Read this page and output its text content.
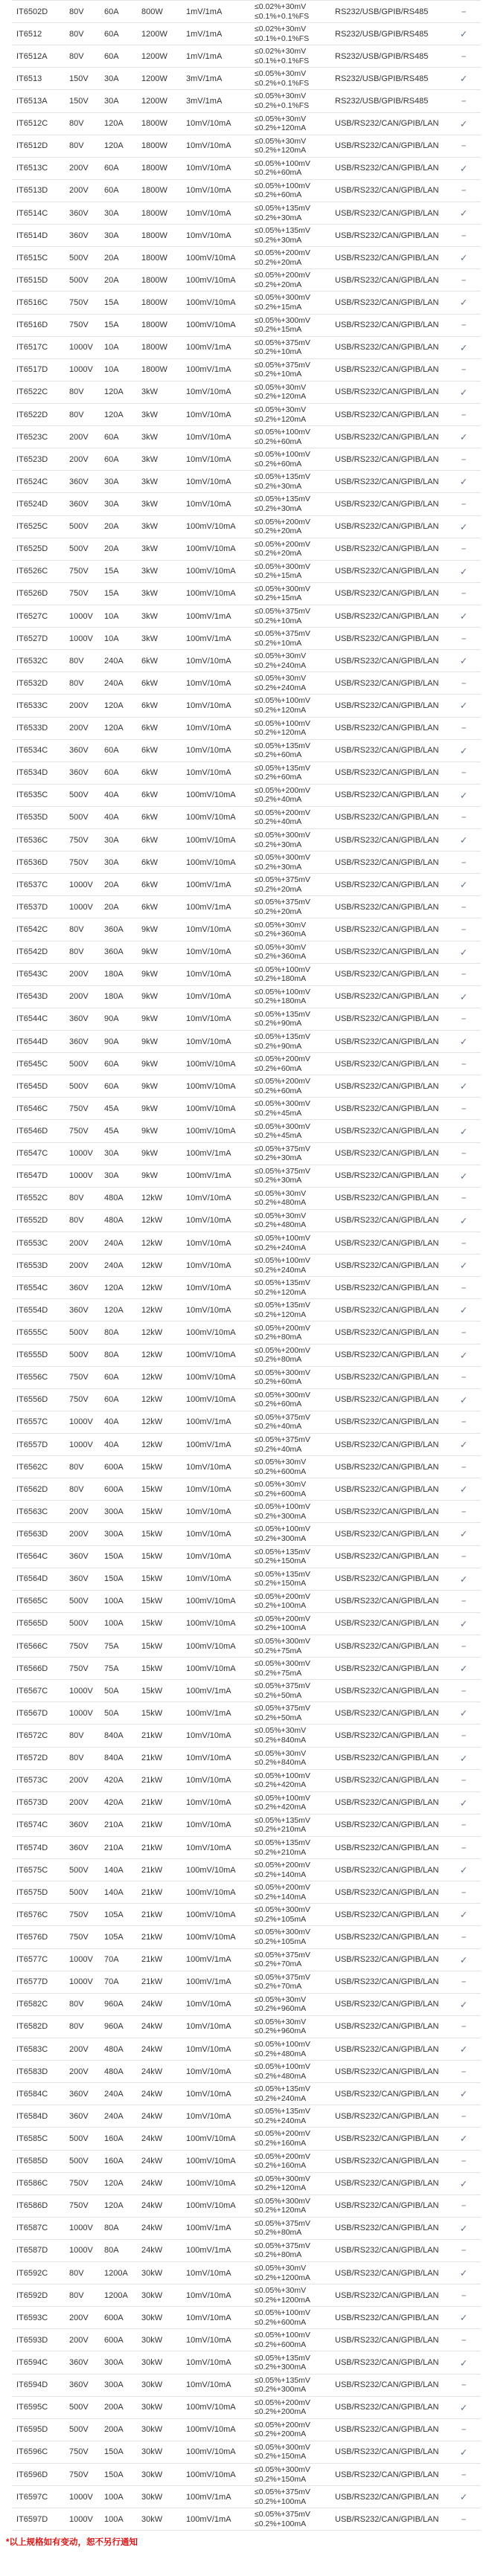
IT6502D	80V	60A	800W	1mV/1mA
≤0.02%+30mV
≤0.1%+0.1%FS	RS232/USB/GPIB/RS485	–
IT6512	80V	60A	1200W	1mV/1mA
≤0.02%+30mV
≤0.1%+0.1%FS	RS232/USB/GPIB/RS485	✓
IT6512A	80V	60A	1200W	1mV/1mA
≤0.02%+30mV
≤0.1%+0.1%FS	RS232/USB/GPIB/RS485	–
IT6513	150V	30A	1200W	3mV/1mA
≤0.05%+30mV
≤0.2%+0.1%FS	RS232/USB/GPIB/RS485	✓
IT6513A	150V	30A	1200W	3mV/1mA
≤0.05%+30mV
≤0.2%+0.1%FS	RS232/USB/GPIB/RS485	–
IT6512C	80V	120A	1800W	10mV/10mA
≤0.05%+30mV
≤0.2%+120mA	USB/RS232/CAN/GPIB/LAN	✓
IT6512D	80V	120A	1800W	10mV/10mA
≤0.05%+30mV
≤0.2%+120mA	USB/RS232/CAN/GPIB/LAN	–
IT6513C	200V	60A	1800W	10mV/10mA
≤0.05%+100mV
≤0.2%+60mA	USB/RS232/CAN/GPIB/LAN	✓
IT6513D	200V	60A	1800W	10mV/10mA
≤0.05%+100mV
≤0.2%+60mA	USB/RS232/CAN/GPIB/LAN	–
IT6514C	360V	30A	1800W	10mV/10mA
≤0.05%+135mV
≤0.2%+30mA	USB/RS232/CAN/GPIB/LAN	✓
IT6514D	360V	30A	1800W	10mV/10mA
≤0.05%+135mV
≤0.2%+30mA	USB/RS232/CAN/GPIB/LAN	–
IT6515C	500V	20A	1800W	100mV/10mA
≤0.05%+200mV
≤0.2%+20mA	USB/RS232/CAN/GPIB/LAN	✓
IT6515D	500V	20A	1800W	100mV/10mA
≤0.05%+200mV
≤0.2%+20mA	USB/RS232/CAN/GPIB/LAN	–
IT6516C	750V	15A	1800W	100mV/10mA
≤0.05%+300mV
≤0.2%+15mA	USB/RS232/CAN/GPIB/LAN	✓
IT6516D	750V	15A	1800W	100mV/10mA
≤0.05%+300mV
≤0.2%+15mA	USB/RS232/CAN/GPIB/LAN	–
IT6517C	1000V	10A	1800W	100mV/1mA
≤0.05%+375mV
≤0.2%+10mA	USB/RS232/CAN/GPIB/LAN	✓
IT6517D	1000V	10A	1800W	100mV/1mA
≤0.05%+375mV
≤0.2%+10mA	USB/RS232/CAN/GPIB/LAN	–
IT6522C	80V	120A	3kW	10mV/10mA
≤0.05%+30mV
≤0.2%+120mA	USB/RS232/CAN/GPIB/LAN	✓
IT6522D	80V	120A	3kW	10mV/10mA
≤0.05%+30mV
≤0.2%+120mA	USB/RS232/CAN/GPIB/LAN	–
IT6523C	200V	60A	3kW	10mV/10mA
≤0.05%+100mV
≤0.2%+60mA	USB/RS232/CAN/GPIB/LAN	✓
IT6523D	200V	60A	3kW	10mV/10mA
≤0.05%+100mV
≤0.2%+60mA	USB/RS232/CAN/GPIB/LAN	–
IT6524C	360V	30A	3kW	10mV/10mA
≤0.05%+135mV
≤0.2%+30mA	USB/RS232/CAN/GPIB/LAN	✓
IT6524D	360V	30A	3kW	10mV/10mA
≤0.05%+135mV
≤0.2%+30mA	USB/RS232/CAN/GPIB/LAN	–
IT6525C	500V	20A	3kW	100mV/10mA
≤0.05%+200mV
≤0.2%+20mA	USB/RS232/CAN/GPIB/LAN	✓
IT6525D	500V	20A	3kW	100mV/10mA
≤0.05%+200mV
≤0.2%+20mA	USB/RS232/CAN/GPIB/LAN	–
IT6526C	750V	15A	3kW	100mV/10mA
≤0.05%+300mV
≤0.2%+15mA	USB/RS232/CAN/GPIB/LAN	✓
IT6526D	750V	15A	3kW	100mV/10mA
≤0.05%+300mV
≤0.2%+15mA	USB/RS232/CAN/GPIB/LAN	–
IT6527C	1000V	10A	3kW	100mV/1mA
≤0.05%+375mV
≤0.2%+10mA	USB/RS232/CAN/GPIB/LAN	✓
IT6527D	1000V	10A	3kW	100mV/1mA
≤0.05%+375mV
≤0.2%+10mA	USB/RS232/CAN/GPIB/LAN	–
IT6532C	80V	240A	6kW	10mV/10mA
≤0.05%+30mV
≤0.2%+240mA	USB/RS232/CAN/GPIB/LAN	✓
IT6532D	80V	240A	6kW	10mV/10mA
≤0.05%+30mV
≤0.2%+240mA	USB/RS232/CAN/GPIB/LAN	–
IT6533C	200V	120A	6kW	10mV/10mA
≤0.05%+100mV
≤0.2%+120mA	USB/RS232/CAN/GPIB/LAN	✓
IT6533D	200V	120A	6kW	10mV/10mA
≤0.05%+100mV
≤0.2%+120mA	USB/RS232/CAN/GPIB/LAN	–
IT6534C	360V	60A	6kW	10mV/10mA
≤0.05%+135mV
≤0.2%+60mA	USB/RS232/CAN/GPIB/LAN	✓
IT6534D	360V	60A	6kW	10mV/10mA
≤0.05%+135mV
≤0.2%+60mA	USB/RS232/CAN/GPIB/LAN	–
IT6535C	500V	40A	6kW	100mV/10mA
≤0.05%+200mV
≤0.2%+40mA	USB/RS232/CAN/GPIB/LAN	✓
IT6535D	500V	40A	6kW	100mV/10mA
≤0.05%+200mV
≤0.2%+40mA	USB/RS232/CAN/GPIB/LAN	–
IT6536C	750V	30A	6kW	100mV/10mA
≤0.05%+300mV
≤0.2%+30mA	USB/RS232/CAN/GPIB/LAN	✓
IT6536D	750V	30A	6kW	100mV/10mA
≤0.05%+300mV
≤0.2%+30mA	USB/RS232/CAN/GPIB/LAN	–
IT6537C	1000V	20A	6kW	100mV/1mA
≤0.05%+375mV
≤0.2%+20mA	USB/RS232/CAN/GPIB/LAN	✓
IT6537D	1000V	20A	6kW	100mV/1mA
≤0.05%+375mV
≤0.2%+20mA	USB/RS232/CAN/GPIB/LAN	–
IT6542C	80V	360A	9kW	10mV/10mA
≤0.05%+30mV
≤0.2%+360mA	USB/RS232/CAN/GPIB/LAN	–
IT6542D	80V	360A	9kW	10mV/10mA
≤0.05%+30mV
≤0.2%+360mA	USB/RS232/CAN/GPIB/LAN	✓
IT6543C	200V	180A	9kW	10mV/10mA
≤0.05%+100mV
≤0.2%+180mA	USB/RS232/CAN/GPIB/LAN	–
IT6543D	200V	180A	9kW	10mV/10mA
≤0.05%+100mV
≤0.2%+180mA	USB/RS232/CAN/GPIB/LAN	✓
IT6544C	360V	90A	9kW	10mV/10mA
≤0.05%+135mV
≤0.2%+90mA	USB/RS232/CAN/GPIB/LAN	–
IT6544D	360V	90A	9kW	10mV/10mA
≤0.05%+135mV
≤0.2%+90mA	USB/RS232/CAN/GPIB/LAN	✓
IT6545C	500V	60A	9kW	100mV/10mA
≤0.05%+200mV
≤0.2%+60mA	USB/RS232/CAN/GPIB/LAN	–
IT6545D	500V	60A	9kW	100mV/10mA
≤0.05%+200mV
≤0.2%+60mA	USB/RS232/CAN/GPIB/LAN	✓
IT6546C	750V	45A	9kW	100mV/10mA
≤0.05%+300mV
≤0.2%+45mA	USB/RS232/CAN/GPIB/LAN	–
IT6546D	750V	45A	9kW	100mV/10mA
≤0.05%+300mV
≤0.2%+45mA	USB/RS232/CAN/GPIB/LAN	✓
IT6547C	1000V	30A	9kW	100mV/1mA
≤0.05%+375mV
≤0.2%+30mA	USB/RS232/CAN/GPIB/LAN	–
IT6547D	1000V	30A	9kW	100mV/1mA
≤0.05%+375mV
≤0.2%+30mA	USB/RS232/CAN/GPIB/LAN	✓
IT6552C	80V	480A	12kW	10mV/10mA
≤0.05%+30mV
≤0.2%+480mA	USB/RS232/CAN/GPIB/LAN	–
IT6552D	80V	480A	12kW	10mV/10mA
≤0.05%+30mV
≤0.2%+480mA	USB/RS232/CAN/GPIB/LAN	✓
IT6553C	200V	240A	12kW	10mV/10mA
≤0.05%+100mV
≤0.2%+240mA	USB/RS232/CAN/GPIB/LAN	–
IT6553D	200V	240A	12kW	10mV/10mA
≤0.05%+100mV
≤0.2%+240mA	USB/RS232/CAN/GPIB/LAN	✓
IT6554C	360V	120A	12kW	10mV/10mA
≤0.05%+135mV
≤0.2%+120mA	USB/RS232/CAN/GPIB/LAN	–
IT6554D	360V	120A	12kW	10mV/10mA
≤0.05%+135mV
≤0.2%+120mA	USB/RS232/CAN/GPIB/LAN	✓
IT6555C	500V	80A	12kW	100mV/10mA
≤0.05%+200mV
≤0.2%+80mA	USB/RS232/CAN/GPIB/LAN	–
IT6555D	500V	80A	12kW	100mV/10mA
≤0.05%+200mV
≤0.2%+80mA	USB/RS232/CAN/GPIB/LAN	✓
IT6556C	750V	60A	12kW	100mV/10mA
≤0.05%+300mV
≤0.2%+60mA	USB/RS232/CAN/GPIB/LAN	–
IT6556D	750V	60A	12kW	100mV/10mA
≤0.05%+300mV
≤0.2%+60mA	USB/RS232/CAN/GPIB/LAN	✓
IT6557C	1000V	40A	12kW	100mV/1mA
≤0.05%+375mV
≤0.2%+40mA	USB/RS232/CAN/GPIB/LAN	–
IT6557D	1000V	40A	12kW	100mV/1mA
≤0.05%+375mV
≤0.2%+40mA	USB/RS232/CAN/GPIB/LAN	✓
IT6562C	80V	600A	15kW	10mV/10mA
≤0.05%+30mV
≤0.2%+600mA	USB/RS232/CAN/GPIB/LAN	–
IT6562D	80V	600A	15kW	10mV/10mA
≤0.05%+30mV
≤0.2%+600mA	USB/RS232/CAN/GPIB/LAN	✓
IT6563C	200V	300A	15kW	10mV/10mA
≤0.05%+100mV
≤0.2%+300mA	USB/RS232/CAN/GPIB/LAN	–
IT6563D	200V	300A	15kW	10mV/10mA
≤0.05%+100mV
≤0.2%+300mA	USB/RS232/CAN/GPIB/LAN	✓
IT6564C	360V	150A	15kW	10mV/10mA
≤0.05%+135mV
≤0.2%+150mA	USB/RS232/CAN/GPIB/LAN	–
IT6564D	360V	150A	15kW	10mV/10mA
≤0.05%+135mV
≤0.2%+150mA	USB/RS232/CAN/GPIB/LAN	✓
IT6565C	500V	100A	15kW	100mV/10mA
≤0.05%+200mV
≤0.2%+100mA	USB/RS232/CAN/GPIB/LAN	–
IT6565D	500V	100A	15kW	100mV/10mA
≤0.05%+200mV
≤0.2%+100mA	USB/RS232/CAN/GPIB/LAN	✓
IT6566C	750V	75A	15kW	100mV/10mA
≤0.05%+300mV
≤0.2%+75mA	USB/RS232/CAN/GPIB/LAN	–
IT6566D	750V	75A	15kW	100mV/10mA
≤0.05%+300mV
≤0.2%+75mA	USB/RS232/CAN/GPIB/LAN	✓
IT6567C	1000V	50A	15kW	100mV/1mA
≤0.05%+375mV
≤0.2%+50mA	USB/RS232/CAN/GPIB/LAN	–
IT6567D	1000V	50A	15kW	100mV/1mA
≤0.05%+375mV
≤0.2%+50mA	USB/RS232/CAN/GPIB/LAN	✓
IT6572C	80V	840A	21kW	10mV/10mA
≤0.05%+30mV
≤0.2%+840mA	USB/RS232/CAN/GPIB/LAN	–
IT6572D	80V	840A	21kW	10mV/10mA
≤0.05%+30mV
≤0.2%+840mA	USB/RS232/CAN/GPIB/LAN	✓
IT6573C	200V	420A	21kW	10mV/10mA
≤0.05%+100mV
≤0.2%+420mA	USB/RS232/CAN/GPIB/LAN	–
IT6573D	200V	420A	21kW	10mV/10mA
≤0.05%+100mV
≤0.2%+420mA	USB/RS232/CAN/GPIB/LAN	✓
IT6574C	360V	210A	21kW	10mV/10mA
≤0.05%+135mV
≤0.2%+210mA	USB/RS232/CAN/GPIB/LAN	–
IT6574D	360V	210A	21kW	10mV/10mA
≤0.05%+135mV
≤0.2%+210mA	USB/RS232/CAN/GPIB/LAN	–
IT6575C	500V	140A	21kW	100mV/10mA
≤0.05%+200mV
≤0.2%+140mA	USB/RS232/CAN/GPIB/LAN	✓
IT6575D	500V	140A	21kW	100mV/10mA
≤0.05%+200mV
≤0.2%+140mA	USB/RS232/CAN/GPIB/LAN	–
IT6576C	750V	105A	21kW	100mV/10mA
≤0.05%+300mV
≤0.2%+105mA	USB/RS232/CAN/GPIB/LAN	✓
IT6576D	750V	105A	21kW	100mV/10mA
≤0.05%+300mV
≤0.2%+105mA	USB/RS232/CAN/GPIB/LAN	–
IT6577C	1000V	70A	21kW	100mV/1mA
≤0.05%+375mV
≤0.2%+70mA	USB/RS232/CAN/GPIB/LAN	✓
IT6577D	1000V	70A	21kW	100mV/1mA
≤0.05%+375mV
≤0.2%+70mA	USB/RS232/CAN/GPIB/LAN	–
IT6582C	80V	960A	24kW	10mV/10mA
≤0.05%+30mV
≤0.2%+960mA	USB/RS232/CAN/GPIB/LAN	✓
IT6582D	80V	960A	24kW	10mV/10mA
≤0.05%+30mV
≤0.2%+960mA	USB/RS232/CAN/GPIB/LAN	–
IT6583C	200V	480A	24kW	10mV/10mA
≤0.05%+100mV
≤0.2%+480mA	USB/RS232/CAN/GPIB/LAN	✓
IT6583D	200V	480A	24kW	10mV/10mA
≤0.05%+100mV
≤0.2%+480mA	USB/RS232/CAN/GPIB/LAN	–
IT6584C	360V	240A	24kW	10mV/10mA
≤0.05%+135mV
≤0.2%+240mA	USB/RS232/CAN/GPIB/LAN	✓
IT6584D	360V	240A	24kW	10mV/10mA
≤0.05%+135mV
≤0.2%+240mA	USB/RS232/CAN/GPIB/LAN	–
IT6585C	500V	160A	24kW	100mV/10mA
≤0.05%+200mV
≤0.2%+160mA	USB/RS232/CAN/GPIB/LAN	✓
IT6585D	500V	160A	24kW	100mV/10mA
≤0.05%+200mV
≤0.2%+160mA	USB/RS232/CAN/GPIB/LAN	–
IT6586C	750V	120A	24kW	100mV/10mA
≤0.05%+300mV
≤0.2%+120mA	USB/RS232/CAN/GPIB/LAN	✓
IT6586D	750V	120A	24kW	100mV/10mA
≤0.05%+300mV
≤0.2%+120mA	USB/RS232/CAN/GPIB/LAN	–
IT6587C	1000V	80A	24kW	100mV/1mA
≤0.05%+375mV
≤0.2%+80mA	USB/RS232/CAN/GPIB/LAN	✓
IT6587D	1000V	80A	24kW	100mV/1mA
≤0.05%+375mV
≤0.2%+80mA	USB/RS232/CAN/GPIB/LAN	–
IT6592C	80V	1200A	30kW	10mV/10mA
≤0.05%+30mV
≤0.2%+1200mA	USB/RS232/CAN/GPIB/LAN	✓
IT6592D	80V	1200A	30kW	10mV/10mA
≤0.05%+30mV
≤0.2%+1200mA	USB/RS232/CAN/GPIB/LAN	–
IT6593C	200V	600A	30kW	10mV/10mA
≤0.05%+100mV
≤0.2%+600mA	USB/RS232/CAN/GPIB/LAN	✓
IT6593D	200V	600A	30kW	10mV/10mA
≤0.05%+100mV
≤0.2%+600mA	USB/RS232/CAN/GPIB/LAN	–
IT6594C	360V	300A	30kW	10mV/10mA
≤0.05%+135mV
≤0.2%+300mA	USB/RS232/CAN/GPIB/LAN	✓
IT6594D	360V	300A	30kW	10mV/10mA
≤0.05%+135mV
≤0.2%+300mA	USB/RS232/CAN/GPIB/LAN	–
IT6595C	500V	200A	30kW	100mV/10mA
≤0.05%+200mV
≤0.2%+200mA	USB/RS232/CAN/GPIB/LAN	✓
IT6595D	500V	200A	30kW	100mV/10mA
≤0.05%+200mV
≤0.2%+200mA	USB/RS232/CAN/GPIB/LAN	–
IT6596C	750V	150A	30kW	100mV/10mA
≤0.05%+300mV
≤0.2%+150mA	USB/RS232/CAN/GPIB/LAN	✓
IT6596D	750V	150A	30kW	100mV/10mA
≤0.05%+300mV
≤0.2%+150mA	USB/RS232/CAN/GPIB/LAN	–
IT6597C	1000V	100A	30kW	100mV/1mA
≤0.05%+375mV
≤0.2%+100mA	USB/RS232/CAN/GPIB/LAN	✓
IT6597D	1000V	100A	30kW	100mV/1mA
≤0.05%+375mV
≤0.2%+100mA	USB/RS232/CAN/GPIB/LAN	–
*以上规格如有变动，恕不另行通知
